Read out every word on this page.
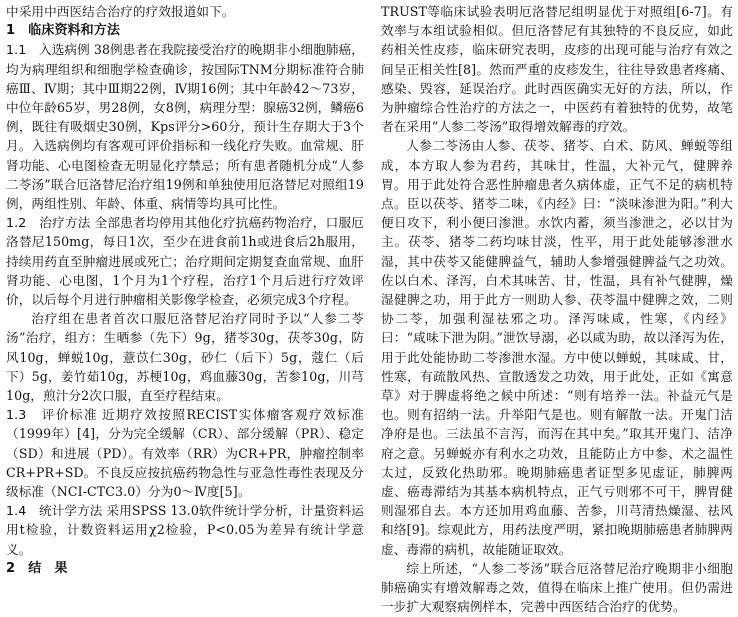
中采用中西医结合治疗的疗效报道如下。

1　临床资料和方法

1.1　入选病例 38例患者在我院接受治疗的晚期非小细胞肺癌，均为病理组织和细胞学检查确诊，按国际TNM分期标准符合肺癌Ⅲ、Ⅳ期；其中Ⅲ期22例，Ⅳ期16例；其中年龄42～73岁，中位年龄65岁，男28例，女8例，病理分型：腺癌32例，鳞癌6例，既往有吸烟史30例，Kps评分>60分，预计生存期大于3个月。入选病例均有客观可评价指标和一线化疗失败。血常规、肝肾功能、心电图检查无明显化疗禁忌；所有患者随机分成“人参二苓汤”联合厄洛替尼治疗组19例和单独使用厄洛替尼对照组19例，两组性别、年龄、体重、病情等均具可比性。

1.2　治疗方法 全部患者均停用其他化疗抗癌药物治疗，口服厄洛替尼150mg，每日1次，至少在进食前1h或进食后2h服用，持续用药直至肿瘤进展或死亡；治疗期间定期复查血常规、血肝肾功能、心电图，1个月为1个疗程，治疗1个月后进行疗效评价，以后每个月进行肿瘤相关影像学检查，必须完成3个疗程。

治疗组在患者首次口服厄洛替尼治疗同时予以“人参二苓汤”治疗，组方：生晒参（先下）9g，猪苓30g，茯苓30g，防风10g，蝉蜕10g，薏苡仁30g，砂仁（后下）5g，蔻仁（后下）5g，姜竹茹10g，苏梗10g，鸡血藤30g，苦参10g，川芎10g，煎汁分2次口服，直至疗程结束。

1.3　评价标准 近期疗效按照RECIST实体瘤客观疗效标准（1999年）[4]，分为完全缓解（CR）、部分缓解（PR）、稳定（SD）和进展（PD）。有效率（RR）为CR+PR，肿瘤控制率CR+PR+SD。不良反应按抗癌药物急性与亚急性毒性表现及分级标准（NCI-CTC3.0）分为0～Ⅳ度[5]。

1.4　统计学方法 采用SPSS 13.0软件统计学分析，计量资料运用t检验，计数资料运用χ2检验，P<0.05为差异有统计学意义。

2　结　果

TRUST等临床试验表明厄洛替尼组明显优于对照组[6-7]。有效率与本组试验相似。但厄洛替尼有其独特的不良反应，如此药相关性皮疹，临床研究表明，皮疹的出现可能与治疗有效之间呈正相关性[8]。然而严重的皮疹发生，往往导致患者疼痛、感染、毁容，延误治疗。此时西医确实无好的方法，所以，作为肿瘤综合性治疗的方法之一，中医药有着独特的优势，故笔者在采用“人参二苓汤”取得增效解毒的疗效。

人参二苓汤由人参、茯苓、猪苓、白术、防风、蝉蜕等组成，本方取人参为君药，其味甘，性温，大补元气，健脾养胃。用于此处符合恶性肿瘤患者久病体虚，正气不足的病机特点。臣以茯苓、猪苓二味，《内经》曰：“淡味渗泄为阳。”利大便日攻下，利小便曰渗泄。水饮内蓄，须当渗泄之，必以甘为主。茯苓、猪苓二药均味甘淡，性平，用于此处能够渗泄水湿，其中茯苓又能健脾益气，辅助人参增强健脾益气之功效。佐以白术、泽泻，白术其味苦、甘，性温，具有补气健脾，燥湿健脾之功，用于此方一则助人参、茯苓温中健脾之效，二则协二苓，加强利湿祛邪之功。泽泻味咸，性寒，《内经》曰：“咸味下泄为阴。”泄饮导溺，必以咸为助，故以泽泻为佐，用于此处能协助二苓渗泄水湿。方中使以蝉蜕，其味咸、甘，性寒，有疏散风热、宣散透发之功效，用于此处，正如《寓意草》对于脾虚将绝之候中所述：“则有培养一法。补益元气是也。则有招纳一法。升举阳气是也。则有解散一法。开鬼门洁净府是也。三法虽不言泻，而泻在其中矣。”取其开鬼门、洁净府之意。另蝉蜕亦有利水之功效，且能防止方中参、术之温性太过，反致化热助邪。晚期肺癌患者证型多见虚证，肺脾两虚、癌毒滞结为其基本病机特点，正气亏则邪不可干，脾胃健则湿邪自去。本方还加用鸡血藤、苦参，川芎清热燥湿、祛风和络[9]。综观此方，用药法度严明，紧扣晚期肺癌患者肺脾两虚、毒滞的病机，故能随证取效。

综上所述，“人参二苓汤”联合厄洛替尼治疗晚期非小细胞肺癌确实有增效解毒之效，值得在临床上推广使用。但仍需进一步扩大观察病例样本，完善中西医结合治疗的优势。
